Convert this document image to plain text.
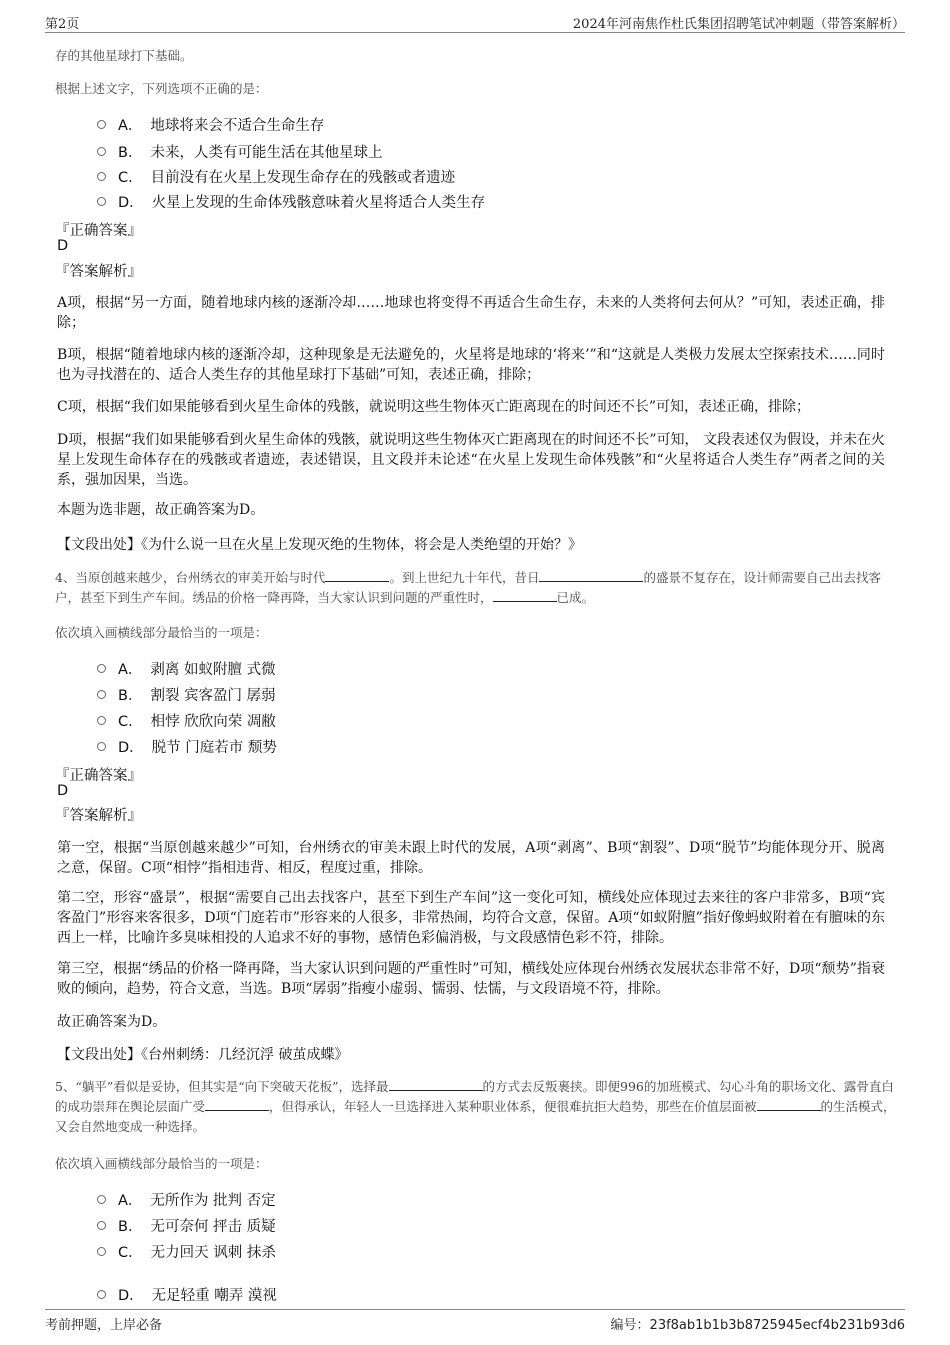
第2页	2024年河南焦作杜氏集团招聘笔试冲刺题（带答案解析）
存的其他星球打下基础。
根据上述文字，下列选项不正确的是：
A． 地球将来会不适合生命生存
B． 未来，人类有可能生活在其他星球上
C． 目前没有在火星上发现生命存在的残骸或者遗迹
D． 火星上发现的生命体残骸意味着火星将适合人类生存
『正确答案』
D
『答案解析』

A项，根据“另一方面，随着地球内核的逐渐冷却……地球也将变得不再适合生命生存，未来的人类将何去何从？”可知，表述正确，排除；

B项，根据“随着地球内核的逐渐冷却，这种现象是无法避免的，火星将是地球的‘将来’”和“这就是人类极力发展太空探索技术……同时也为寻找潜在的、适合人类生存的其他星球打下基础”可知，表述正确，排除；

C项，根据“我们如果能够看到火星生命体的残骸，就说明这些生物体灭亡距离现在的时间还不长”可知，表述正确，排除；

D项，根据“我们如果能够看到火星生命体的残骸，就说明这些生物体灭亡距离现在的时间还不长”可知， 文段表述仅为假设，并未在火星上发现生命体存在的残骸或者遗迹，表述错误，且文段并未论述“在火星上发现生命体残骸”和“火星将适合人类生存”两者之间的关系，强加因果，当选。

本题为选非题，故正确答案为D。

【文段出处】《为什么说一旦在火星上发现灭绝的生物体，将会是人类绝望的开始？》

4、当原创越来越少，台州绣衣的审美开始与时代	。到上世纪九十年代，昔日	的盛景不复存在，设计师需要自己出去找客户，甚至下到生产车间。绣品的价格一降再降，当大家认识到问题的严重性时，	已成。
依次填入画横线部分最恰当的一项是：
A． 剥离 如蚁附膻 式微
B． 割裂 宾客盈门 孱弱
C． 相悖 欣欣向荣 凋敝
D． 脱节 门庭若市 颓势
『正确答案』
D
『答案解析』

第一空，根据“当原创越来越少”可知，台州绣衣的审美未跟上时代的发展，A项“剥离”、B项“割裂”、D项“脱节”均能体现分开、脱离之意，保留。C项“相悖”指相违背、相反，程度过重，排除。

第二空，形容“盛景”，根据“需要自己出去找客户，甚至下到生产车间”这一变化可知，横线处应体现过去来往的客户非常多，B项“宾客盈门”形容来客很多，D项“门庭若市”形容来的人很多，非常热闹，均符合文意，保留。A项“如蚁附膻”指好像蚂蚁附着在有膻味的东西上一样，比喻许多臭味相投的人追求不好的事物，感情色彩偏消极，与文段感情色彩不符，排除。

第三空，根据“绣品的价格一降再降，当大家认识到问题的严重性时”可知，横线处应体现台州绣衣发展状态非常不好，D项“颓势”指衰败的倾向，趋势，符合文意，当选。B项“孱弱”指瘦小虚弱、懦弱、怯懦，与文段语境不符，排除。

故正确答案为D。

【文段出处】《台州刺绣：几经沉浮 破茧成蝶》

5、“躺平”看似是妥协，但其实是“向下突破天花板”，选择最	的方式去反叛裹挟。即便996的加班模式、勾心斗角的职场文化、露骨直白的成功崇拜在舆论层面广受	，但得承认，年轻人一旦选择进入某种职业体系，便很难抗拒大趋势，那些在价值层面被	的生活模式，又会自然地变成一种选择。
依次填入画横线部分最恰当的一项是：
A． 无所作为 批判 否定
B． 无可奈何 抨击 质疑
C． 无力回天 讽刺 抹杀
D． 无足轻重 嘲弄 漠视
考前押题，上岸必备	编号：23f8ab1b1b3b8725945ecf4b231b93d6
